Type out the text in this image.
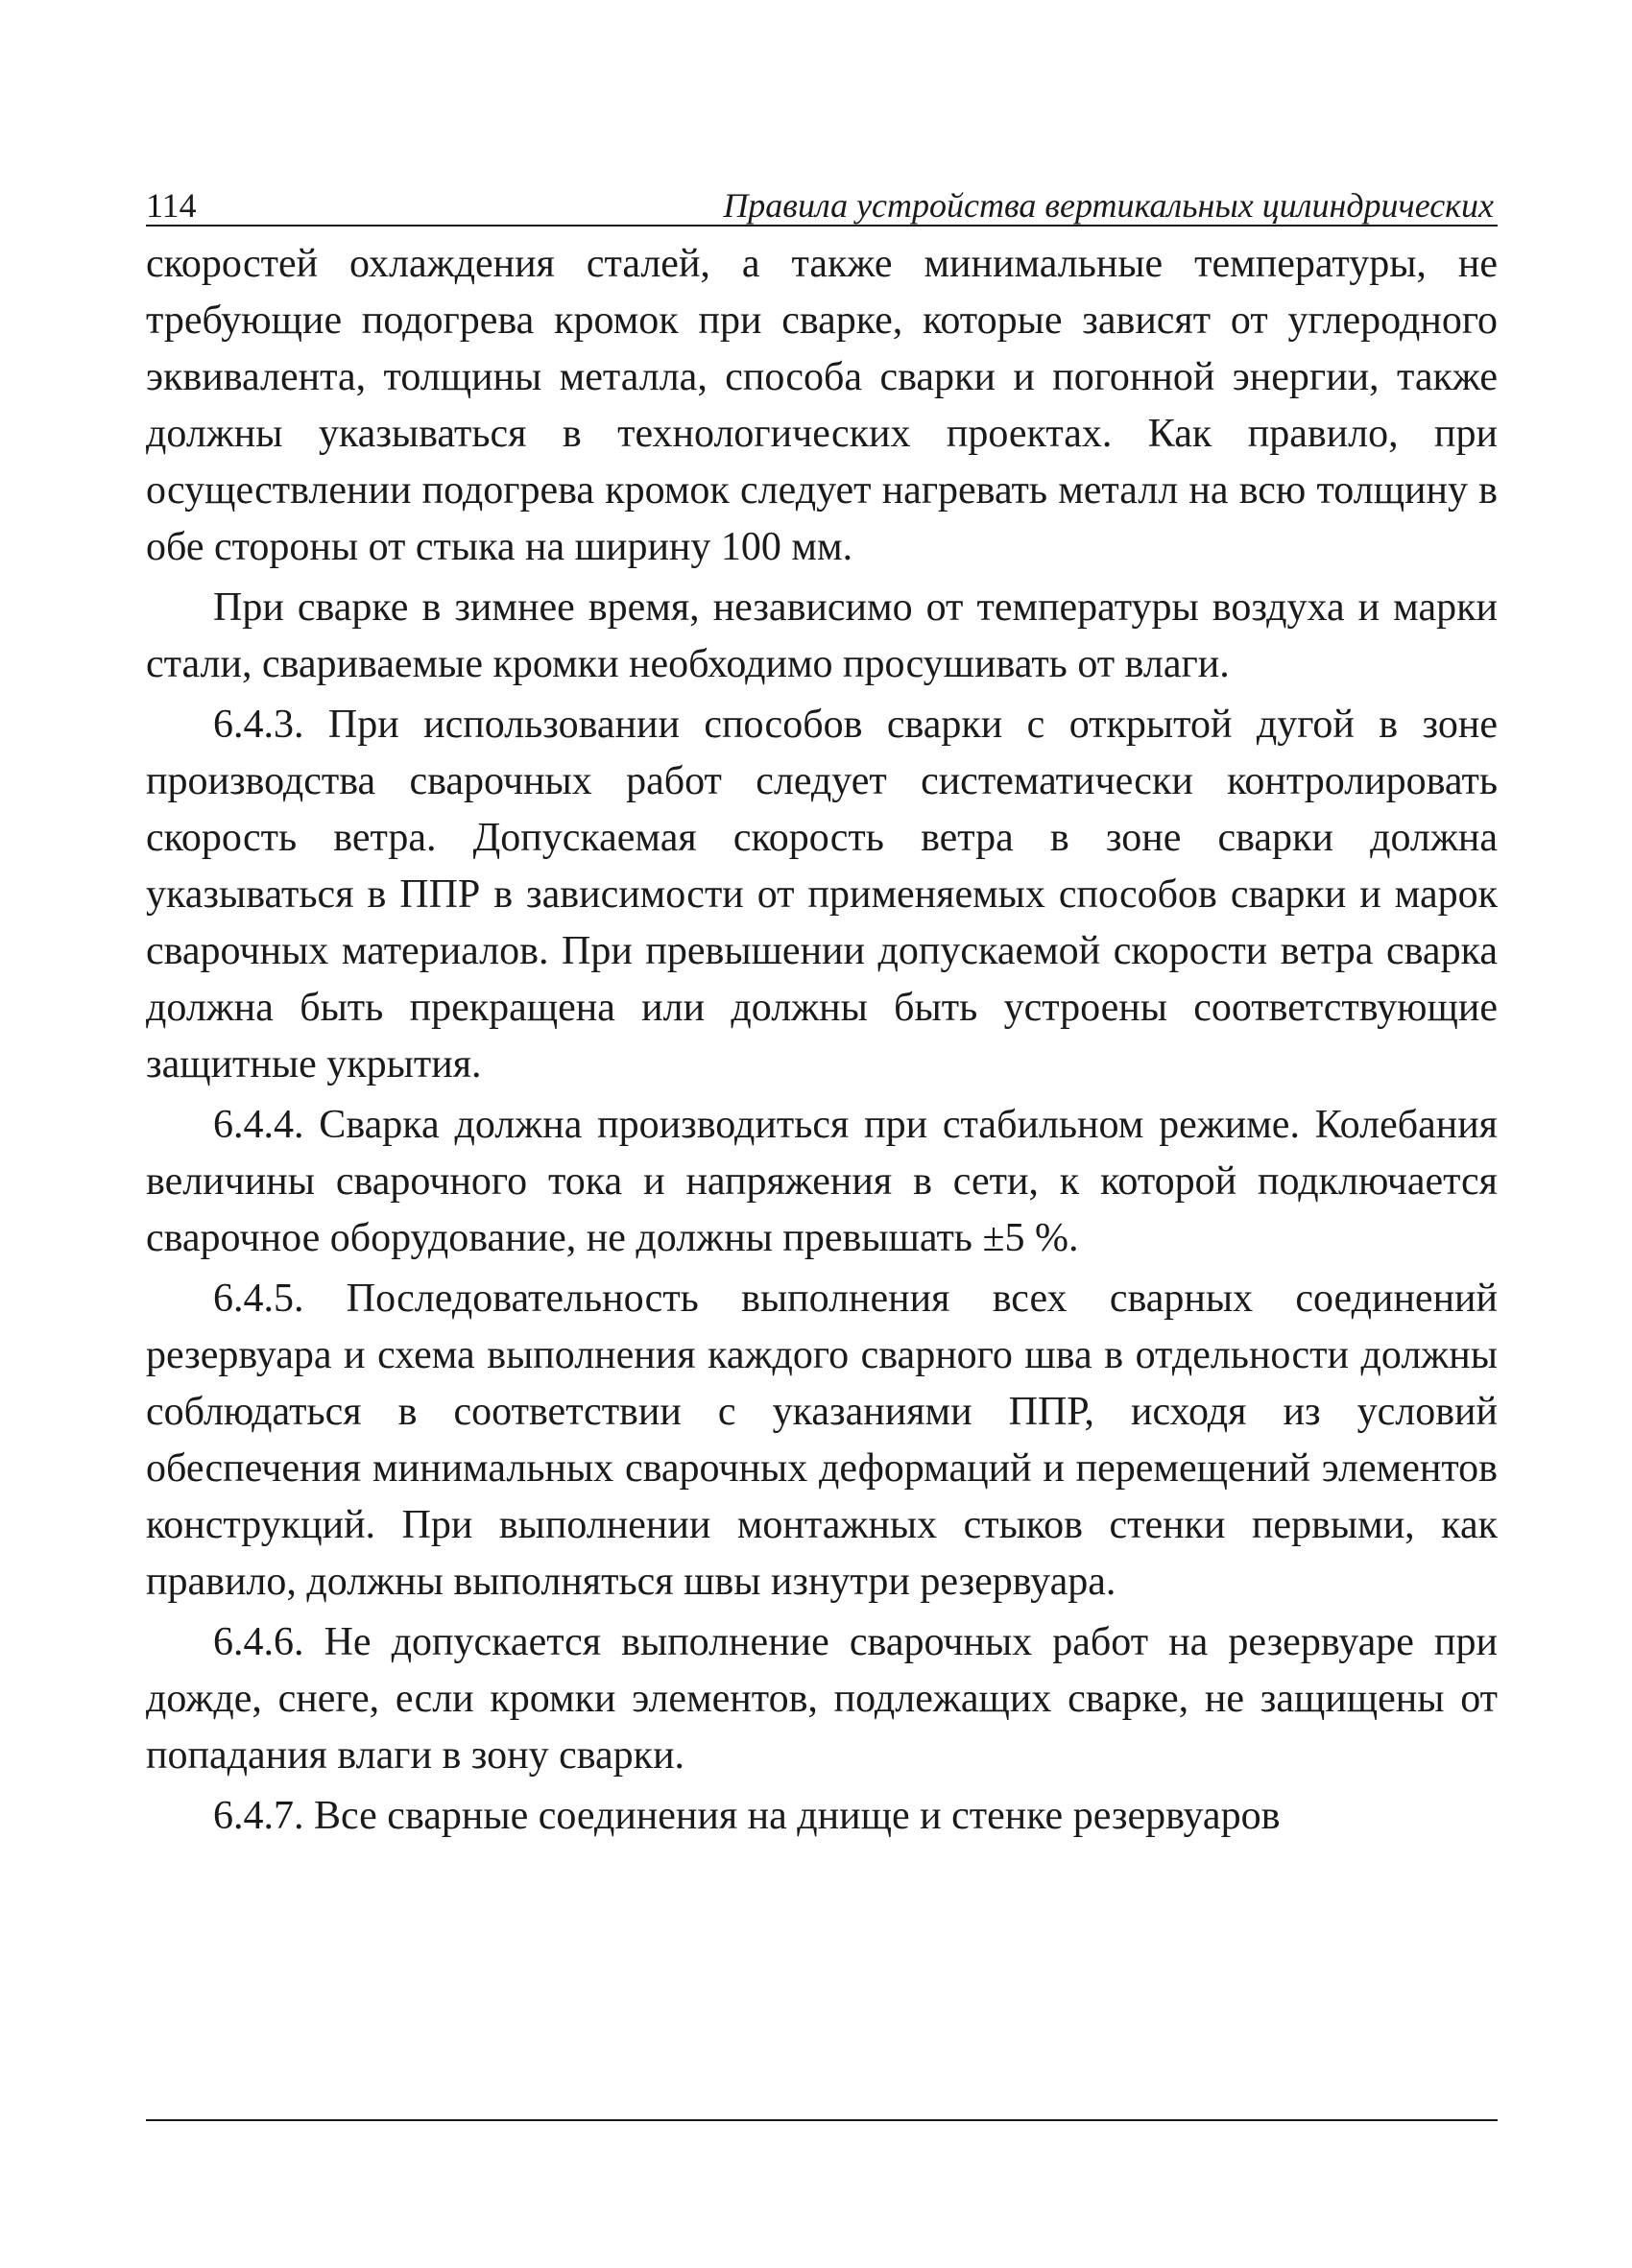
114	Правила устройства вертикальных цилиндрических

скоростей охлаждения сталей, а также минимальные температуры, не требующие подогрева кромок при сварке, которые зависят от углеродного эквивалента, толщины металла, способа сварки и погонной энергии, также должны указываться в технологических проектах. Как правило, при осуществлении подогрева кромок следует нагревать металл на всю толщину в обе стороны от стыка на ширину 100 мм.

При сварке в зимнее время, независимо от температуры воздуха и марки стали, свариваемые кромки необходимо просушивать от влаги.

6.4.3. При использовании способов сварки с открытой дугой в зоне производства сварочных работ следует систематически контролировать скорость ветра. Допускаемая скорость ветра в зоне сварки должна указываться в ППР в зависимости от применяемых способов сварки и марок сварочных материалов. При превышении допускаемой скорости ветра сварка должна быть прекращена или должны быть устроены соответствующие защитные укрытия.

6.4.4. Сварка должна производиться при стабильном режиме. Колебания величины сварочного тока и напряжения в сети, к которой подключается сварочное оборудование, не должны превышать ±5 %.

6.4.5. Последовательность выполнения всех сварных соединений резервуара и схема выполнения каждого сварного шва в отдельности должны соблюдаться в соответствии с указаниями ППР, исходя из условий обеспечения минимальных сварочных деформаций и перемещений элементов конструкций. При выполнении монтажных стыков стенки первыми, как правило, должны выполняться швы изнутри резервуара.

6.4.6. Не допускается выполнение сварочных работ на резервуаре при дожде, снеге, если кромки элементов, подлежащих сварке, не защищены от попадания влаги в зону сварки.

6.4.7. Все сварные соединения на днище и стенке резервуаров
